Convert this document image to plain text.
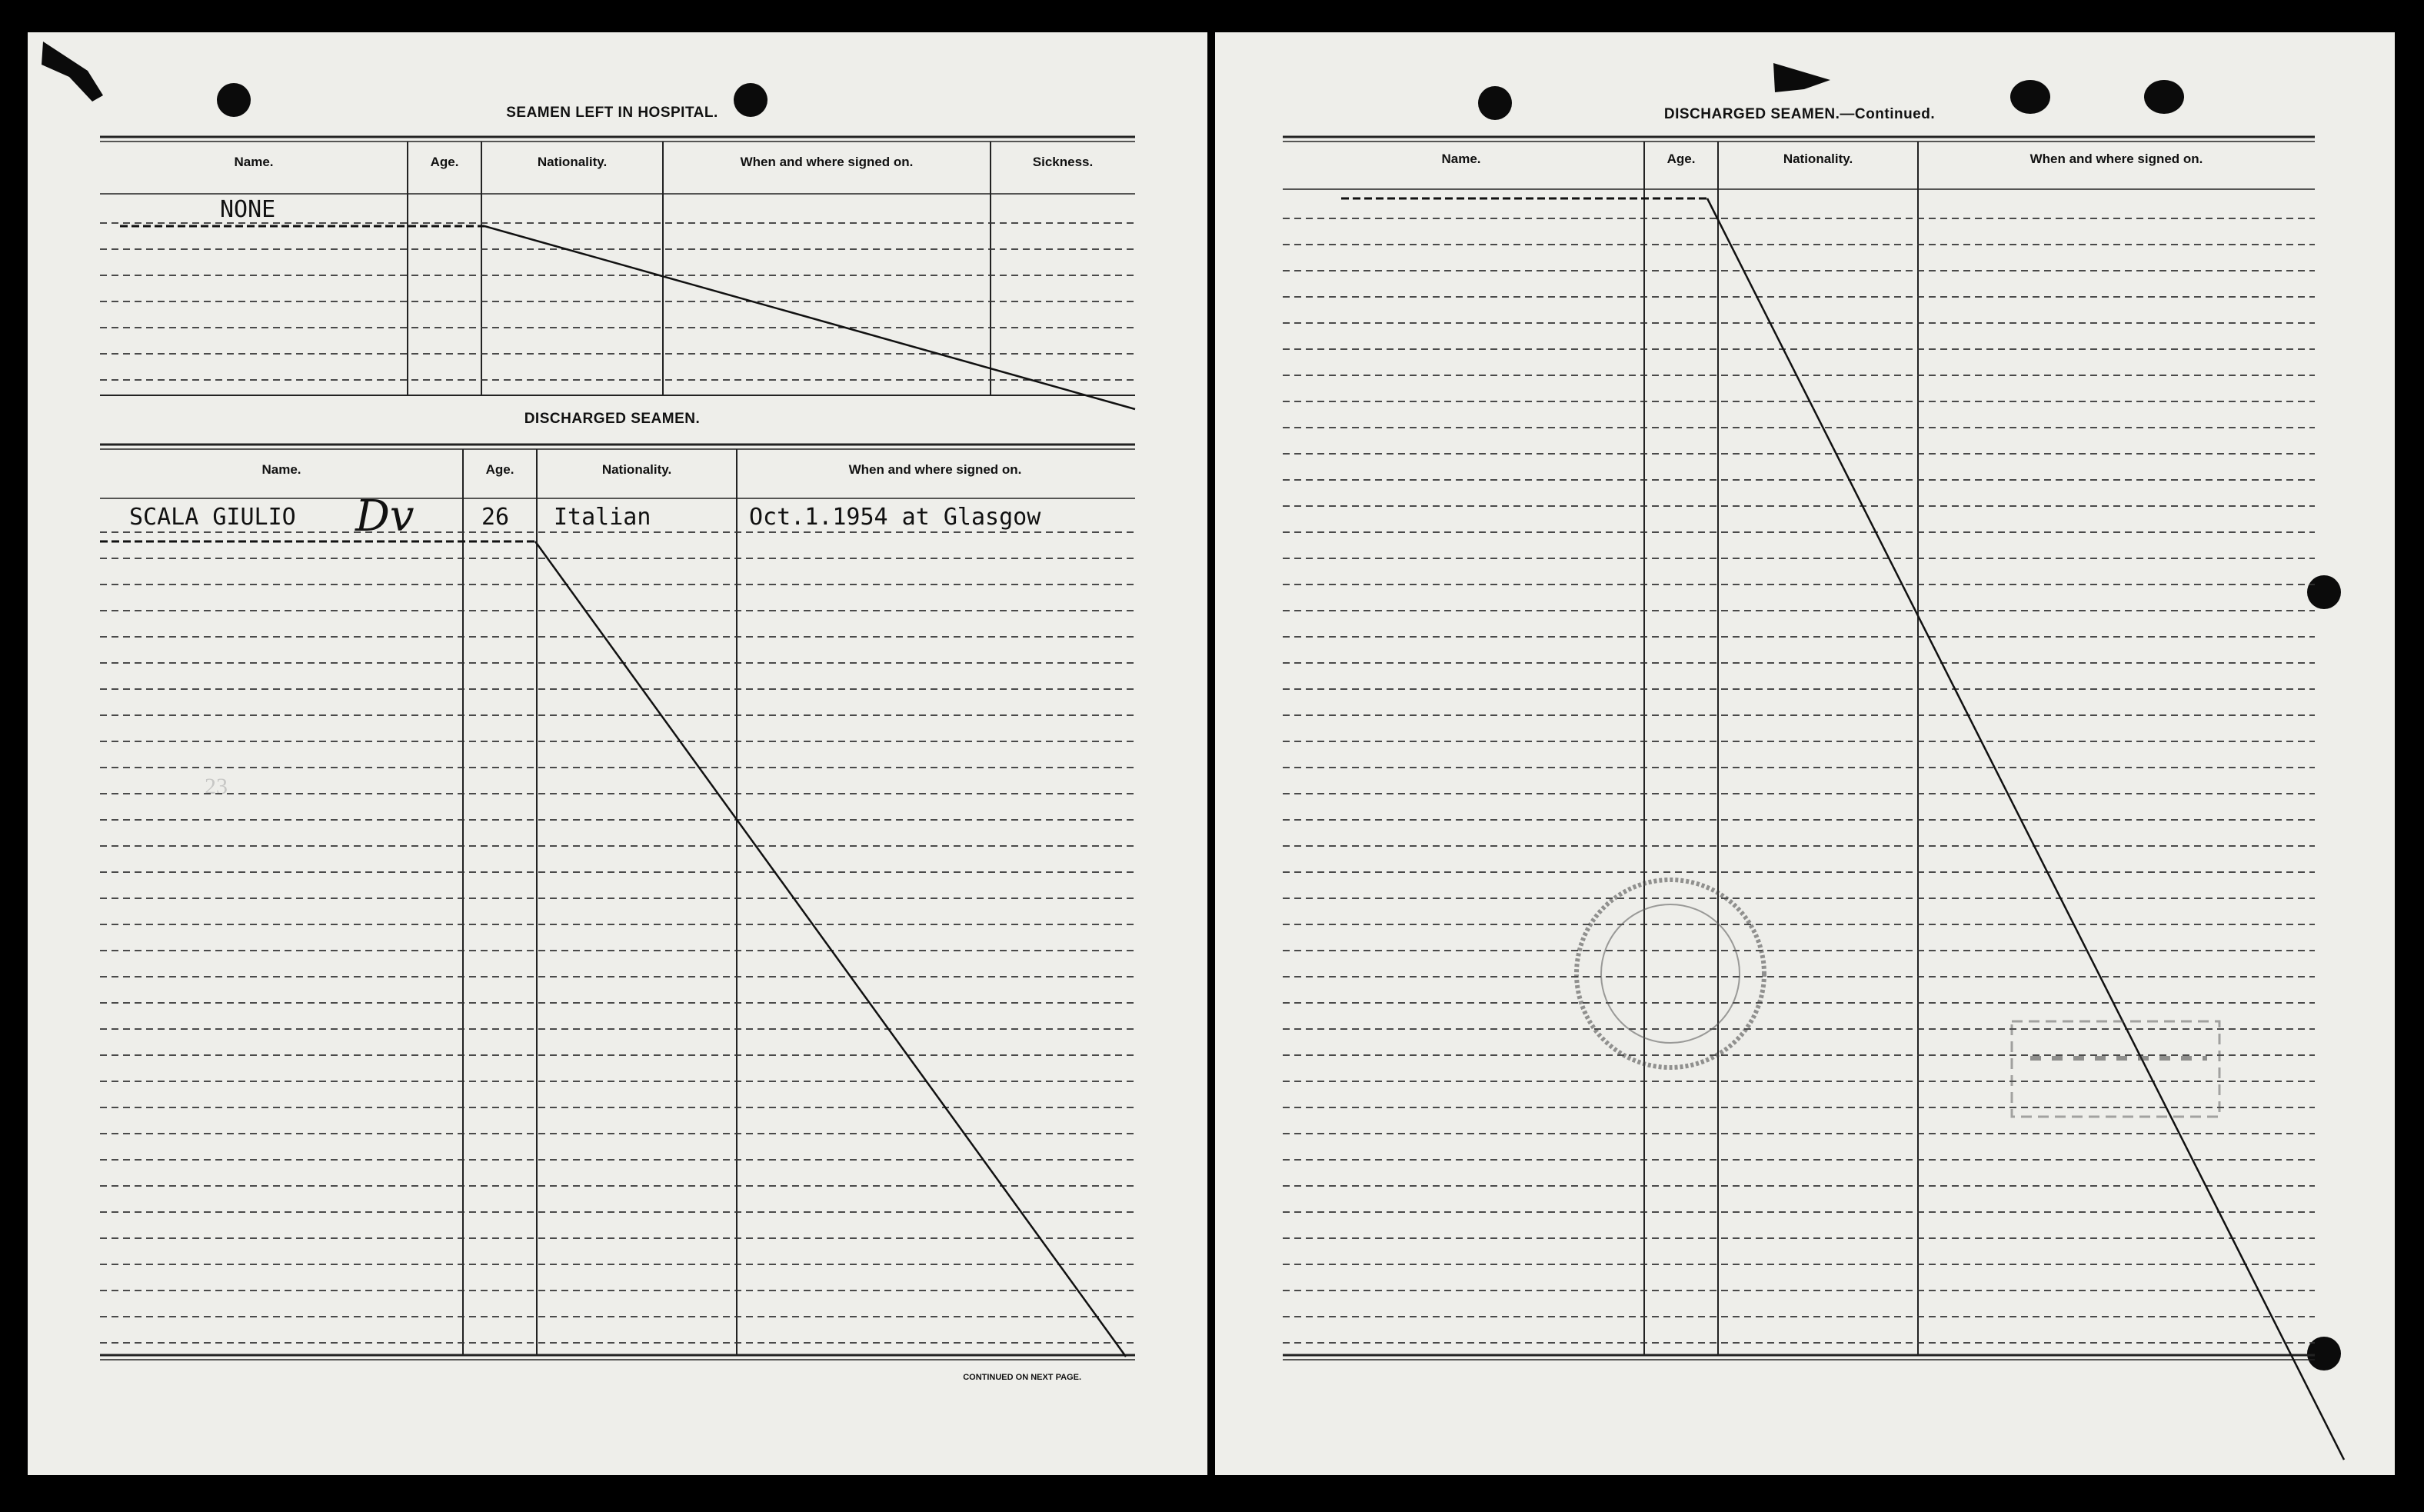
23
SEAMEN LEFT IN HOSPITAL.
Name.	Age.	Nationality.	When and where signed on.	Sickness.
NONE
DISCHARGED SEAMEN.
Name.	Age.	Nationality.	When and where signed on.
SCALA GIULIO Dv	26 Italian	Oct.1.1954 at Glasgow
CONTINUED ON NEXT PAGE.
DISCHARGED SEAMEN.—Continued.
Name.	Age.	Nationality.	When and where signed on.
